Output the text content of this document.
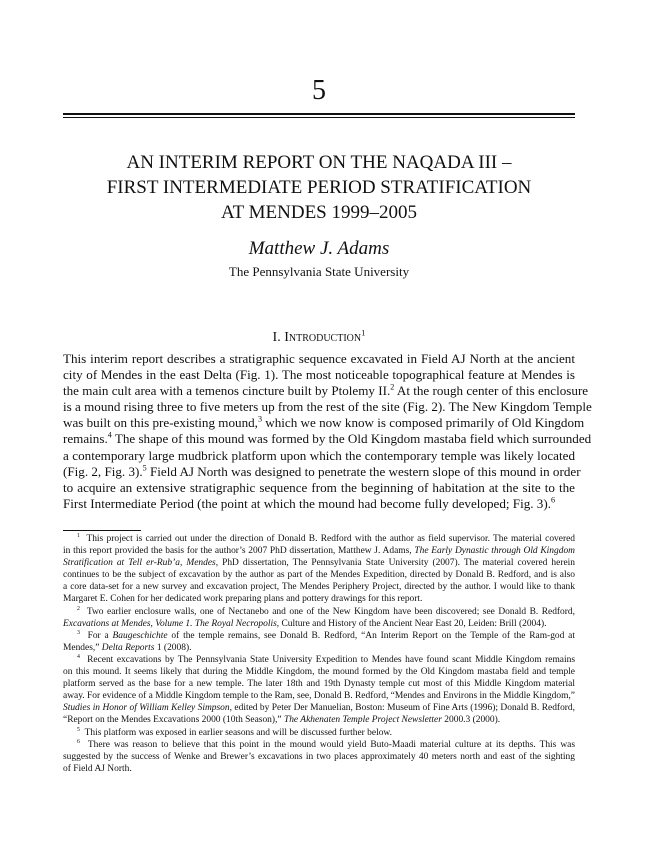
5
AN INTERIM REPORT ON THE NAQADA III –
FIRST INTERMEDIATE PERIOD STRATIFICATION
AT MENDES 1999–2005
Matthew J. Adams
The Pennsylvania State University
I. Introduction$^1$
This interim report describes a stratigraphic sequence excavated in Field AJ North at the ancient
city of Mendes in the east Delta (Fig. 1). The most noticeable topographical feature at Mendes is
the main cult area with a temenos cincture built by Ptolemy II.$^2$ At the rough center of this enclosure
is a mound rising three to five meters up from the rest of the site (Fig. 2). The New Kingdom Temple
was built on this pre-existing mound,$^3$ which we now know is composed primarily of Old Kingdom
remains.$^4$ The shape of this mound was formed by the Old Kingdom mastaba field which surrounded
a contemporary large mudbrick platform upon which the contemporary temple was likely located
(Fig. 2, Fig. 3).$^5$ Field AJ North was designed to penetrate the western slope of this mound in order
to acquire an extensive stratigraphic sequence from the beginning of habitation at the site to the
First Intermediate Period (the point at which the mound had become fully developed; Fig. 3).$^6$
$^1$ This project is carried out under the direction of Donald B. Redford with the author as field supervisor. The material covered
in this report provided the basis for the author’s 2007 PhD dissertation, Matthew J. Adams, The Early Dynastic through Old Kingdom
Stratification at Tell er-Rub’a, Mendes, PhD dissertation, The Pennsylvania State University (2007). The material covered herein
continues to be the subject of excavation by the author as part of the Mendes Expedition, directed by Donald B. Redford, and is also
a core data-set for a new survey and excavation project, The Mendes Periphery Project, directed by the author. I would like to thank
Margaret E. Cohen for her dedicated work preparing plans and pottery drawings for this report.
$^2$ Two earlier enclosure walls, one of Nectanebo and one of the New Kingdom have been discovered; see Donald B. Redford,
Excavations at Mendes, Volume 1. The Royal Necropolis, Culture and History of the Ancient Near East 20, Leiden: Brill (2004).
$^3$ For a Baugeschichte of the temple remains, see Donald B. Redford, “An Interim Report on the Temple of the Ram-god at
Mendes,” Delta Reports 1 (2008).
$^4$ Recent excavations by The Pennsylvania State University Expedition to Mendes have found scant Middle Kingdom remains
on this mound. It seems likely that during the Middle Kingdom, the mound formed by the Old Kingdom mastaba field and temple
platform served as the base for a new temple. The later 18th and 19th Dynasty temple cut most of this Middle Kingdom material
away. For evidence of a Middle Kingdom temple to the Ram, see, Donald B. Redford, “Mendes and Environs in the Middle Kingdom,”
Studies in Honor of William Kelley Simpson, edited by Peter Der Manuelian, Boston: Museum of Fine Arts (1996); Donald B. Redford,
“Report on the Mendes Excavations 2000 (10th Season),” The Akhenaten Temple Project Newsletter 2000.3 (2000).
$^5$ This platform was exposed in earlier seasons and will be discussed further below.
$^6$ There was reason to believe that this point in the mound would yield Buto-Maadi material culture at its depths. This was
suggested by the success of Wenke and Brewer’s excavations in two places approximately 40 meters north and east of the sighting
of Field AJ North.
